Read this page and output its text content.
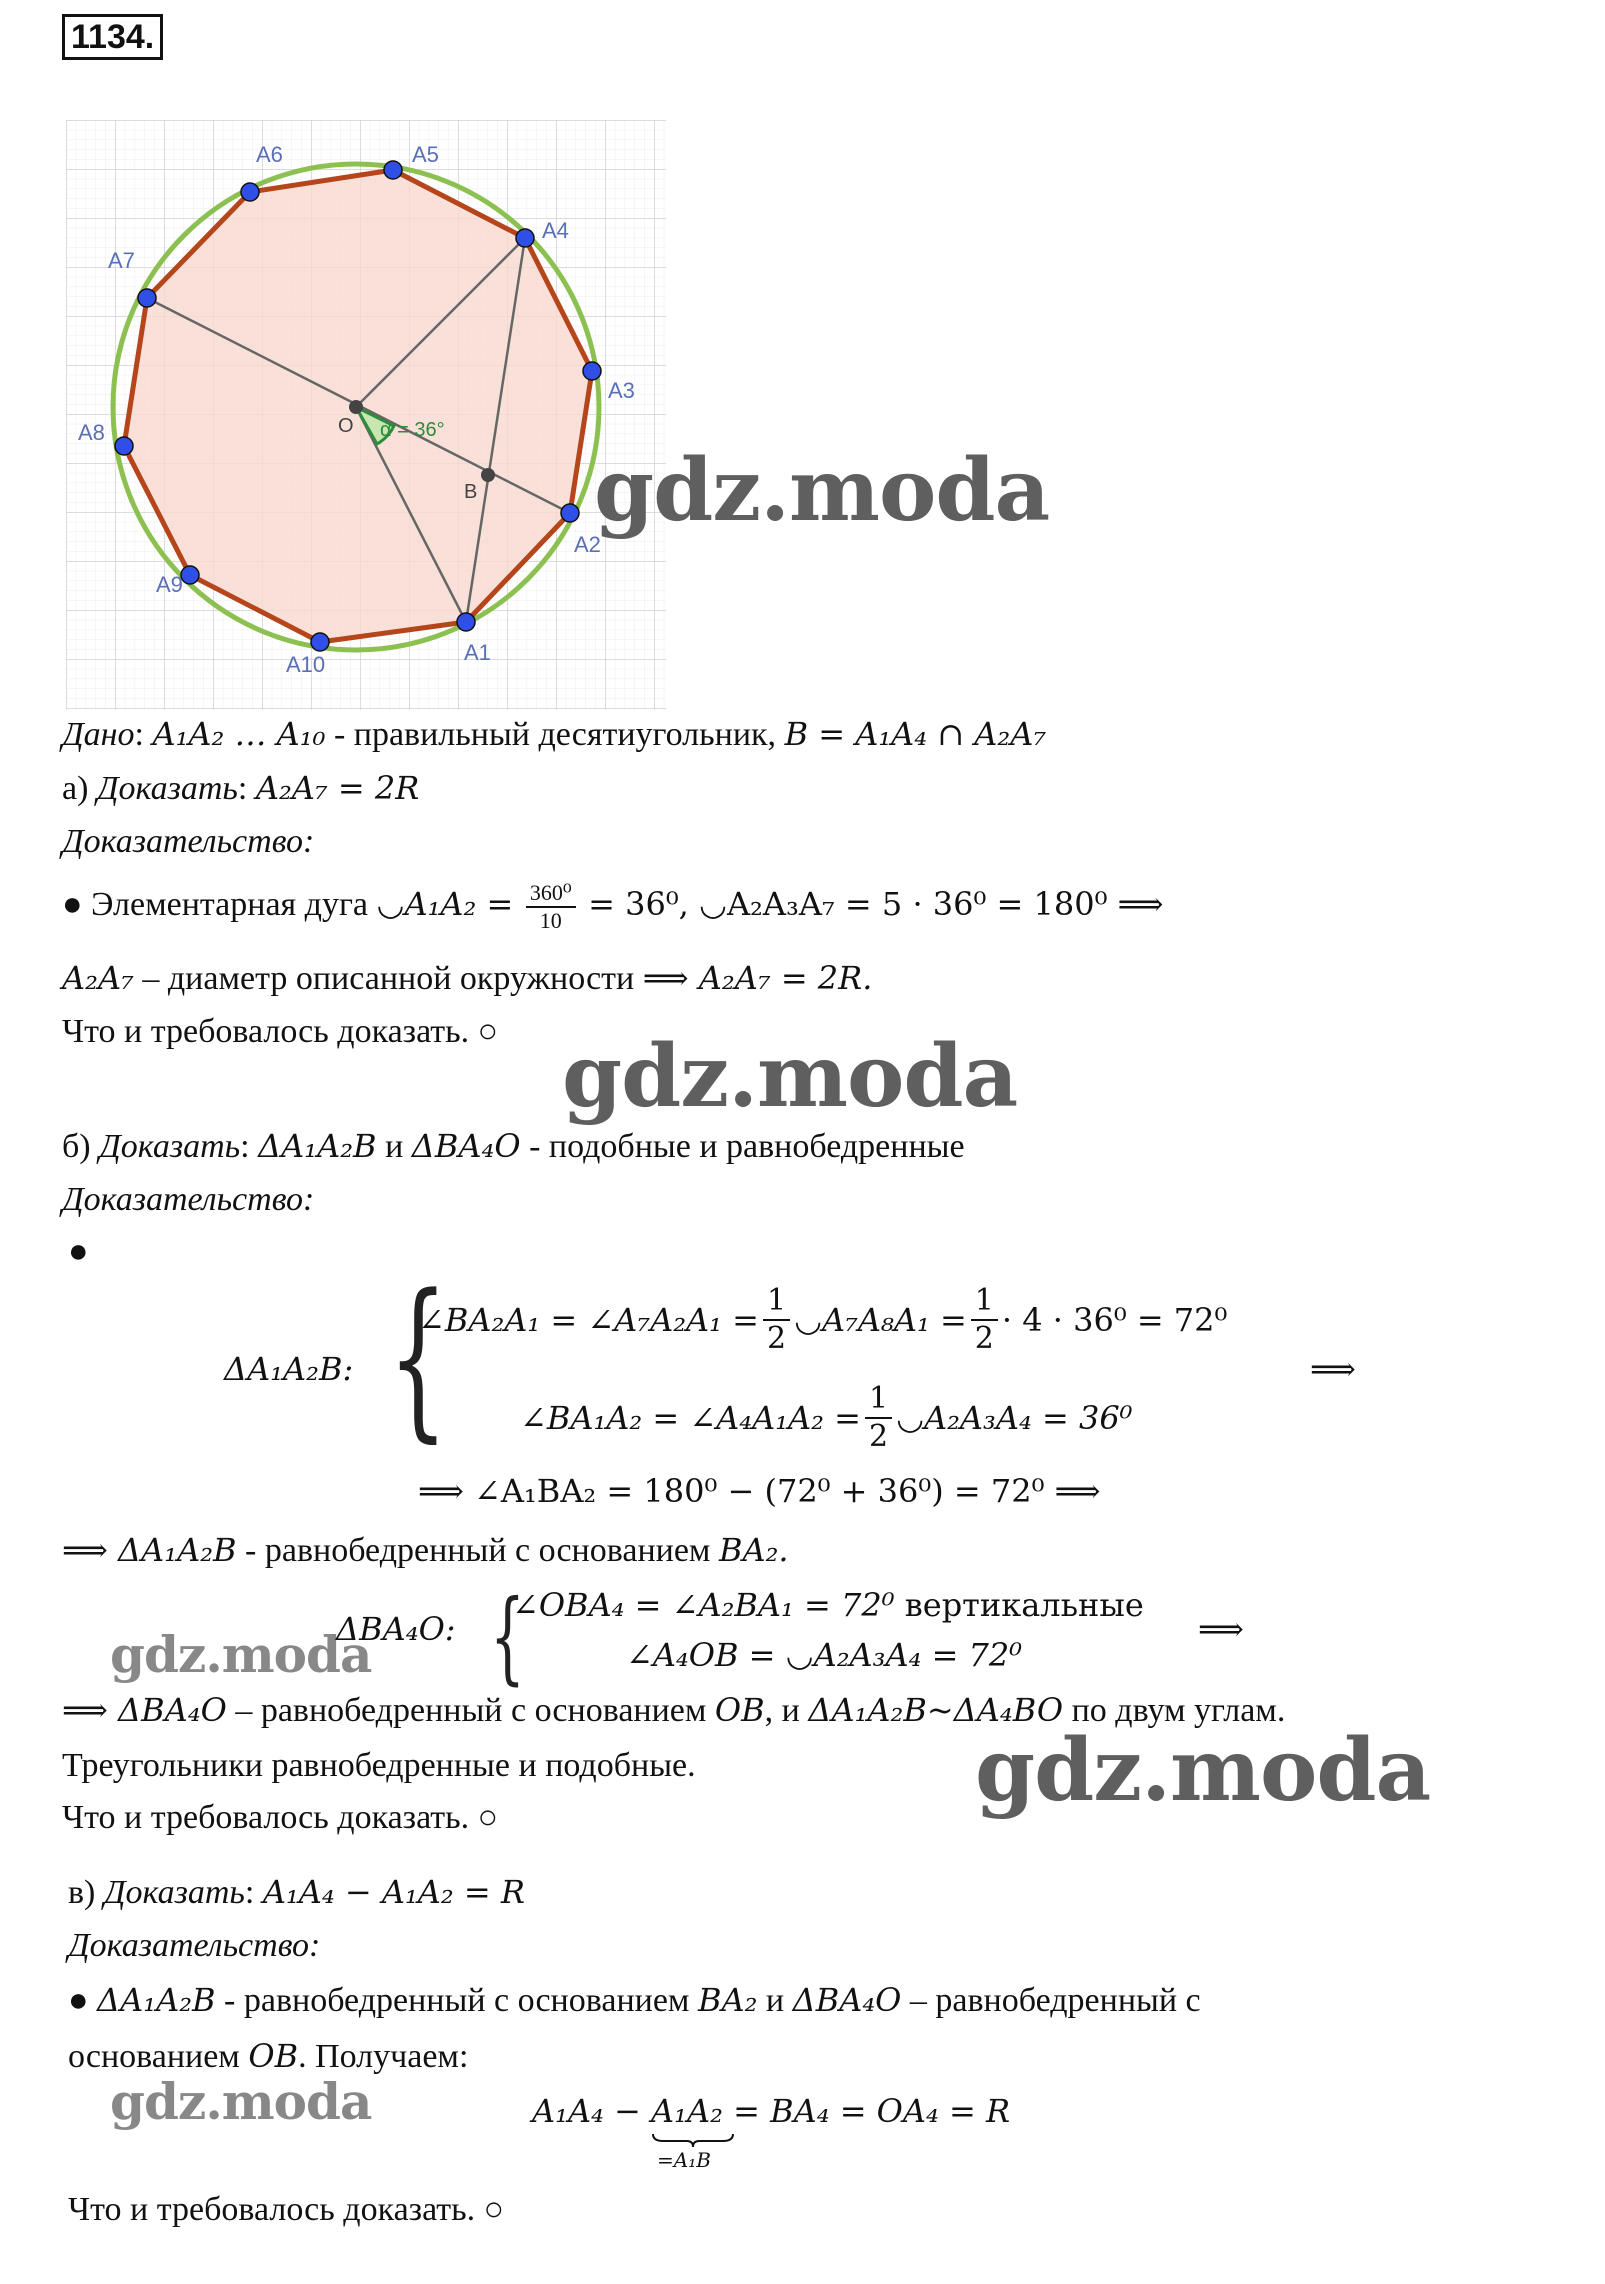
1134.
α = 36°
A1
A2
A3
A4
A5
A6
A7
A8
A9
A10
O
B gdz.moda
gdz.moda
gdz.moda
gdz.moda
gdz.moda
Дано: A₁A₂ … A₁₀ - правильный десятиугольник, B = A₁A₄ ∩ A₂A₇
а) Доказать: A₂A₇ = 2R
Доказательство:
● Элементарная дуга ◡A₁A₂ = $\frac{\text{360⁰}}{10} = 36^0$, ◡A₂A₃A₇ = 5 · 36⁰ = 180⁰ ⟹
A₂A₇ – диаметр описанной окружности ⟹ A₂A₇ = 2R.
Что и требовалось доказать. ○
б) Доказать: ΔA₁A₂B и ΔBA₄O - подобные и равнобедренные
Доказательство:
●
ΔA₁A₂B: {
∠BA₂A₁ = ∠A₇A₂A₁ = $\frac{1}{2}$ ◡A₇A₈A₁ = $\frac{1}{2} \cdot 4 \cdot 36^0 = 72^0$
⟹
∠BA₁A₂ = ∠A₄A₁A₂ = $\frac{1}{2}$ ◡A₂A₃A₄ = 36⁰
⟹ ∠A₁BA₂ = 180⁰ − (72⁰ + 36⁰) = 72⁰ ⟹
⟹ ΔA₁A₂B - равнобедренный с основанием BA₂.
ΔBA₄O: {
∠OBA₄ = ∠A₂BA₁ = 72⁰ вертикальные
⟹
∠A₄OB = ◡A₂A₃A₄ = 72⁰
⟹ ΔBA₄O – равнобедренный с основанием OB, и ΔA₁A₂B~ΔA₄BO по двум углам.
Треугольники равнобедренные и подобные.
Что и требовалось доказать. ○
в) Доказать: A₁A₄ − A₁A₂ = R
Доказательство:
● ΔA₁A₂B - равнобедренный с основанием BA₂ и ΔBA₄O – равнобедренный с
основанием OB. Получаем:
A₁A₄ − A₁A₂
=A₁B
= BA₄ = OA₄ = R
Что и требовалось доказать. ○
